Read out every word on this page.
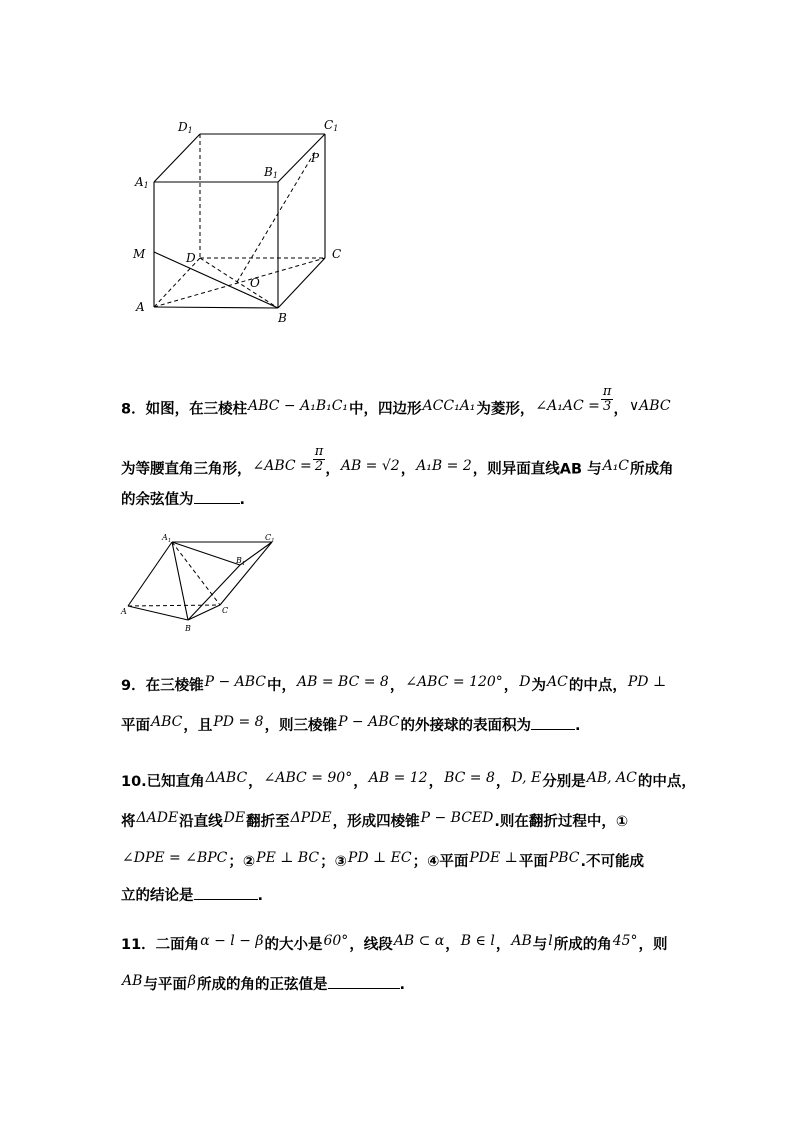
D1	C1
A1
B1
P
M	D	C
O
A
B
8．如图，在三棱柱ABC − A₁B₁C₁中，四边形ACC₁A₁为菱形，∠A₁AC = $\frac{\pi}{3}$ ，∨ABC
为等腰直角三角形，∠ABC = $\frac{\pi}{2}$ ，AB = √2，A₁B = 2，则异面直线AB 与A₁C所成角
的余弦值为	.
$A_1$	$C_1$
$B_1$
A
B
C
9．在三棱锥P − ABC中，AB = BC = 8，∠ABC = 120°，D为AC的中点，PD ⊥
平面ABC，且PD = 8，则三棱锥P − ABC的外接球的表面积为	.
10.已知直角ΔABC，∠ABC = 90°，AB = 12，BC = 8，D, E分别是AB, AC的中点，
将ΔADE沿直线DE翻折至ΔPDE，形成四棱锥P − BCED.则在翻折过程中，①
∠DPE = ∠BPC；②PE ⊥ BC；③PD ⊥ EC；④平面PDE ⊥平面PBC.不可能成
立的结论是	.
11．二面角α − l − β的大小是60°，线段AB ⊂ α，B ∈ l，AB与l所成的角45°，则
AB与平面β所成的角的正弦值是	.
